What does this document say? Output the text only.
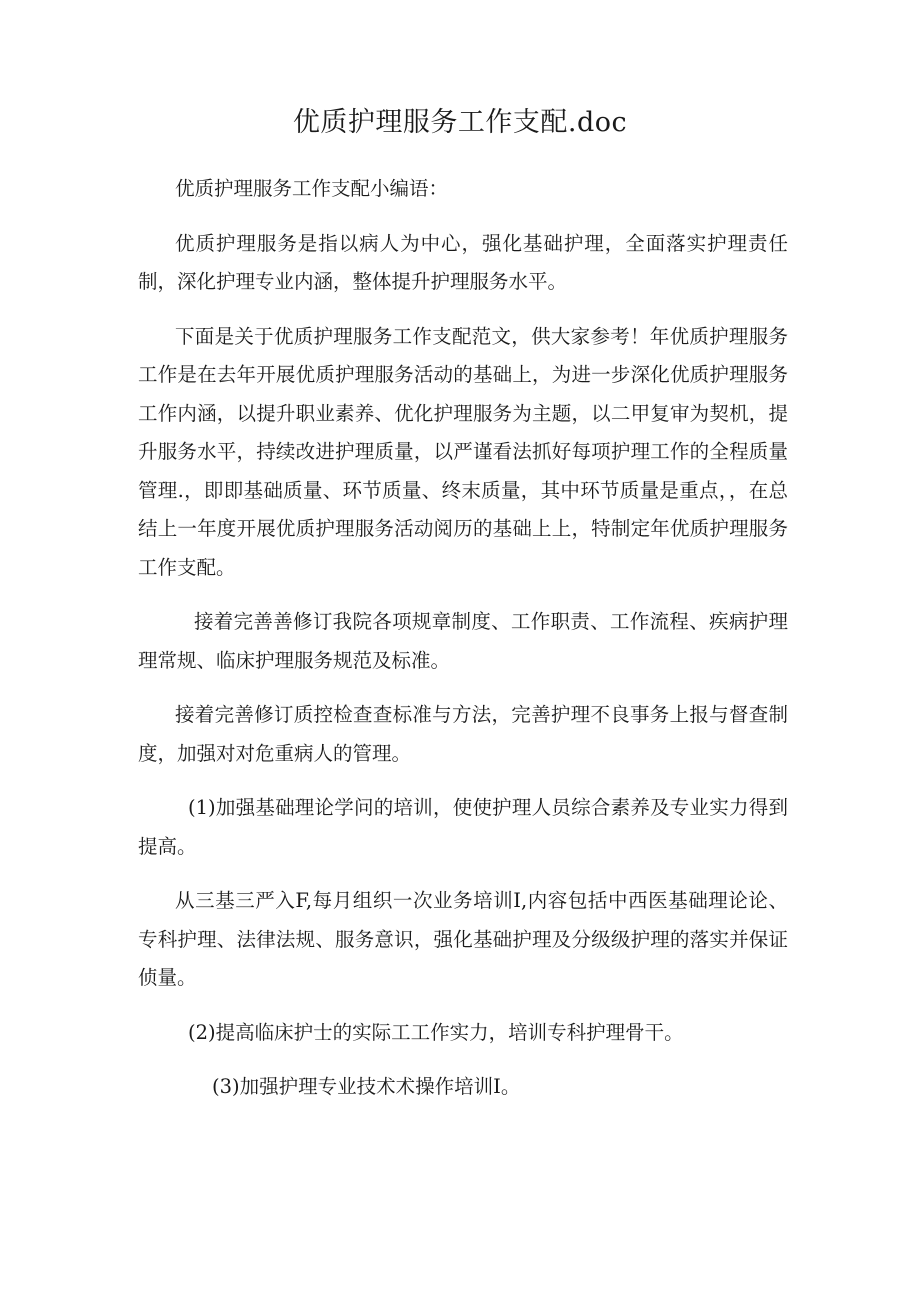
优质护理服务工作支配.doc

优质护理服务工作支配小编语：

优质护理服务是指以病人为中心，强化基础护理，全面落实护理责任制，深化护理专业内涵，整体提升护理服务水平。

下面是关于优质护理服务工作支配范文，供大家参考！年优质护理服务工作是在去年开展优质护理服务活动的基础上，为进一步深化优质护理服务工作内涵，以提升职业素养、优化护理服务为主题，以二甲复审为契机，提升服务水平，持续改进护理质量，以严谨看法抓好每项护理工作的全程质量管理.，即即基础质量、环节质量、终末质量，其中环节质量是重点，，在总结上一年度开展优质护理服务活动阅历的基础上上，特制定年优质护理服务工作支配。

接着完善善修订我院各项规章制度、工作职责、工作流程、疾病护理理常规、临床护理服务规范及标准。

接着完善修订质控检查查标准与方法，完善护理不良事务上报与督查制度，加强对对危重病人的管理。

(1)加强基础理论学问的培训，使使护理人员综合素养及专业实力得到提高。

从三基三严入F,每月组织一次业务培训I,内容包括中西医基础理论论、专科护理、法律法规、服务意识，强化基础护理及分级级护理的落实并保证侦量。

(2)提高临床护士的实际工工作实力，培训专科护理骨干。

(3)加强护理专业技术术操作培训I。
